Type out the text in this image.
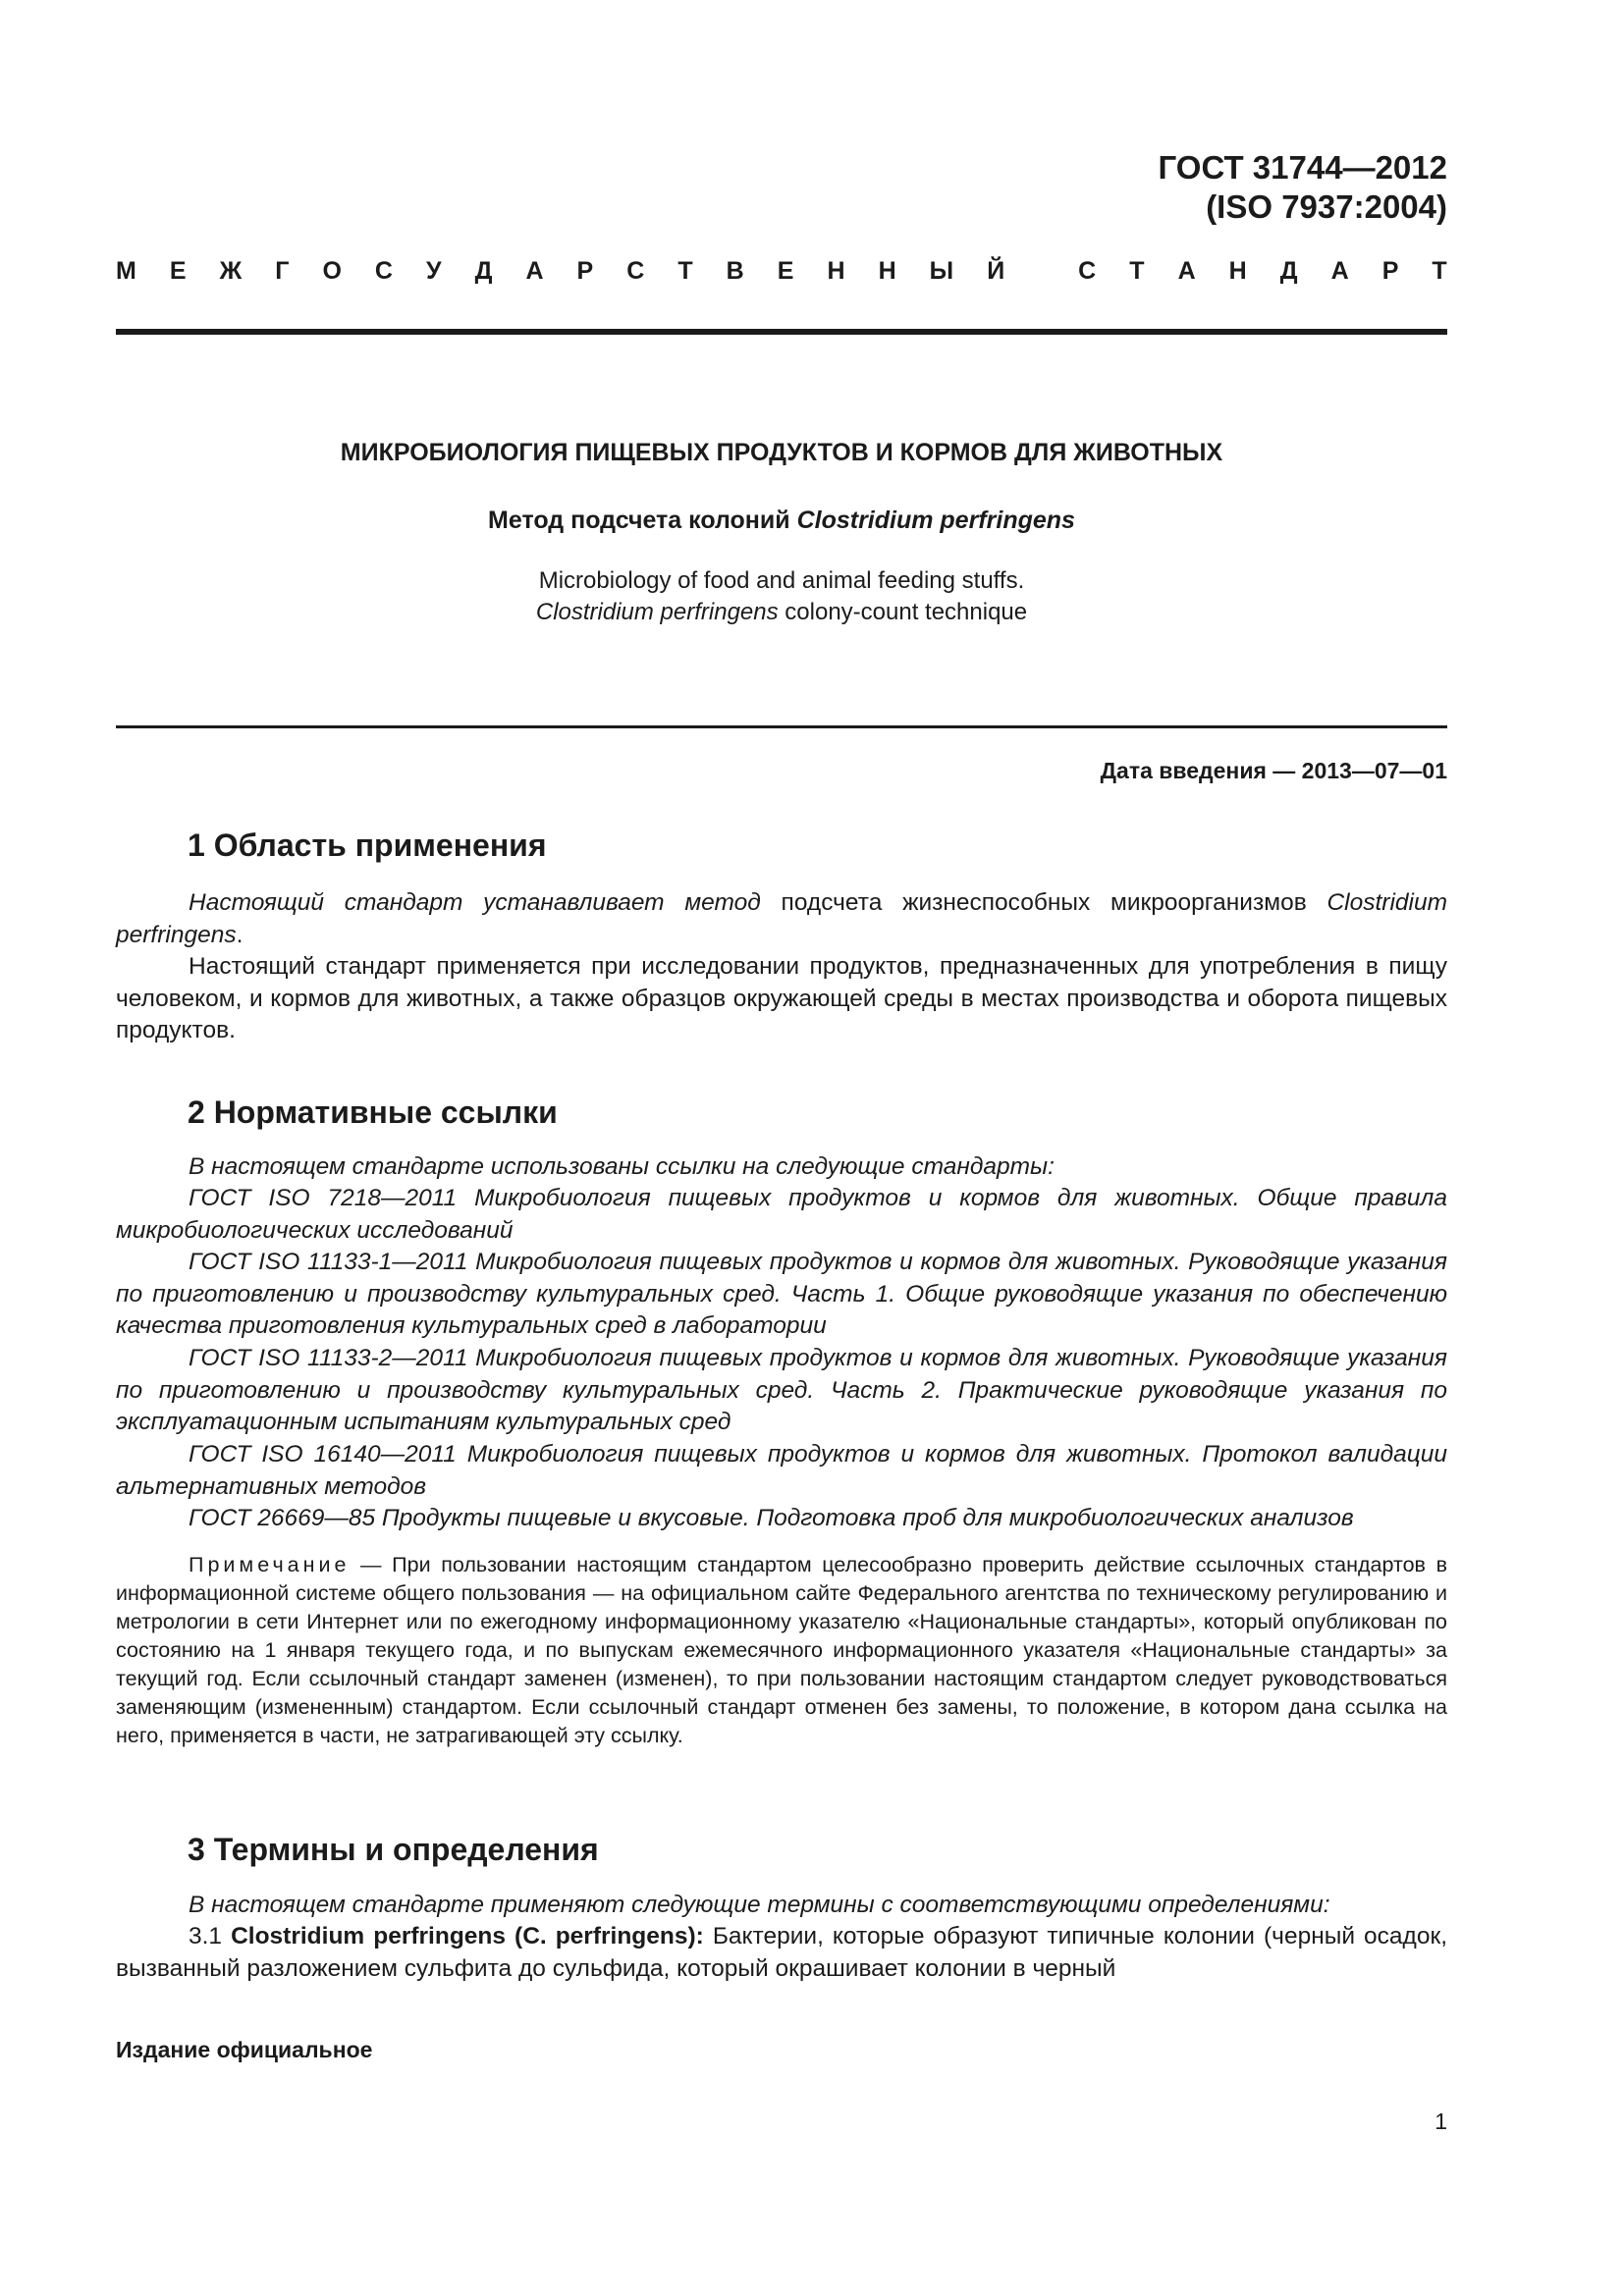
ГОСТ 31744—2012
(ISO 7937:2004)
М Е Ж Г О С У Д А Р С Т В Е Н Н Ы Й
	С Т А Н Д А Р Т
МИКРОБИОЛОГИЯ ПИЩЕВЫХ ПРОДУКТОВ И КОРМОВ ДЛЯ ЖИВОТНЫХ
Метод подсчета колоний Clostridium perfringens
Microbiology of food and animal feeding stuffs.
Clostridium perfringens colony-count technique
Дата введения — 2013—07—01
1 Область применения

Настоящий стандарт устанавливает метод подсчета жизнеспособных микроорганизмов Clostridium perfringens.

Настоящий стандарт применяется при исследовании продуктов, предназначенных для употребления в пищу человеком, и кормов для животных, а также образцов окружающей среды в местах производства и оборота пищевых продуктов.

2 Нормативные ссылки

В настоящем стандарте использованы ссылки на следующие стандарты:

ГОСТ ISO 7218—2011 Микробиология пищевых продуктов и кормов для животных. Общие правила микробиологических исследований

ГОСТ ISO 11133-1—2011 Микробиология пищевых продуктов и кормов для животных. Руководящие указания по приготовлению и производству культуральных сред. Часть 1. Общие руководящие указания по обеспечению качества приготовления культуральных сред в лаборатории

ГОСТ ISO 11133-2—2011 Микробиология пищевых продуктов и кормов для животных. Руководящие указания по приготовлению и производству культуральных сред. Часть 2. Практические руководящие указания по эксплуатационным испытаниям культуральных сред

ГОСТ ISO 16140—2011 Микробиология пищевых продуктов и кормов для животных. Протокол валидации альтернативных методов

ГОСТ 26669—85 Продукты пищевые и вкусовые. Подготовка проб для микробиологических анализов

Примечание — При пользовании настоящим стандартом целесообразно проверить действие ссылочных стандартов в информационной системе общего пользования — на официальном сайте Федерального агентства по техническому регулированию и метрологии в сети Интернет или по ежегодному информационному указателю «Национальные стандарты», который опубликован по состоянию на 1 января текущего года, и по выпускам ежемесячного информационного указателя «Национальные стандарты» за текущий год. Если ссылочный стандарт заменен (изменен), то при пользовании настоящим стандартом следует руководствоваться заменяющим (измененным) стандартом. Если ссылочный стандарт отменен без замены, то положение, в котором дана ссылка на него, применяется в части, не затрагивающей эту ссылку.

3 Термины и определения

В настоящем стандарте применяют следующие термины с соответствующими определениями:

3.1 Clostridium perfringens (C. perfringens): Бактерии, которые образуют типичные колонии (черный осадок, вызванный разложением сульфита до сульфида, который окрашивает колонии в черный

Издание официальное
1
